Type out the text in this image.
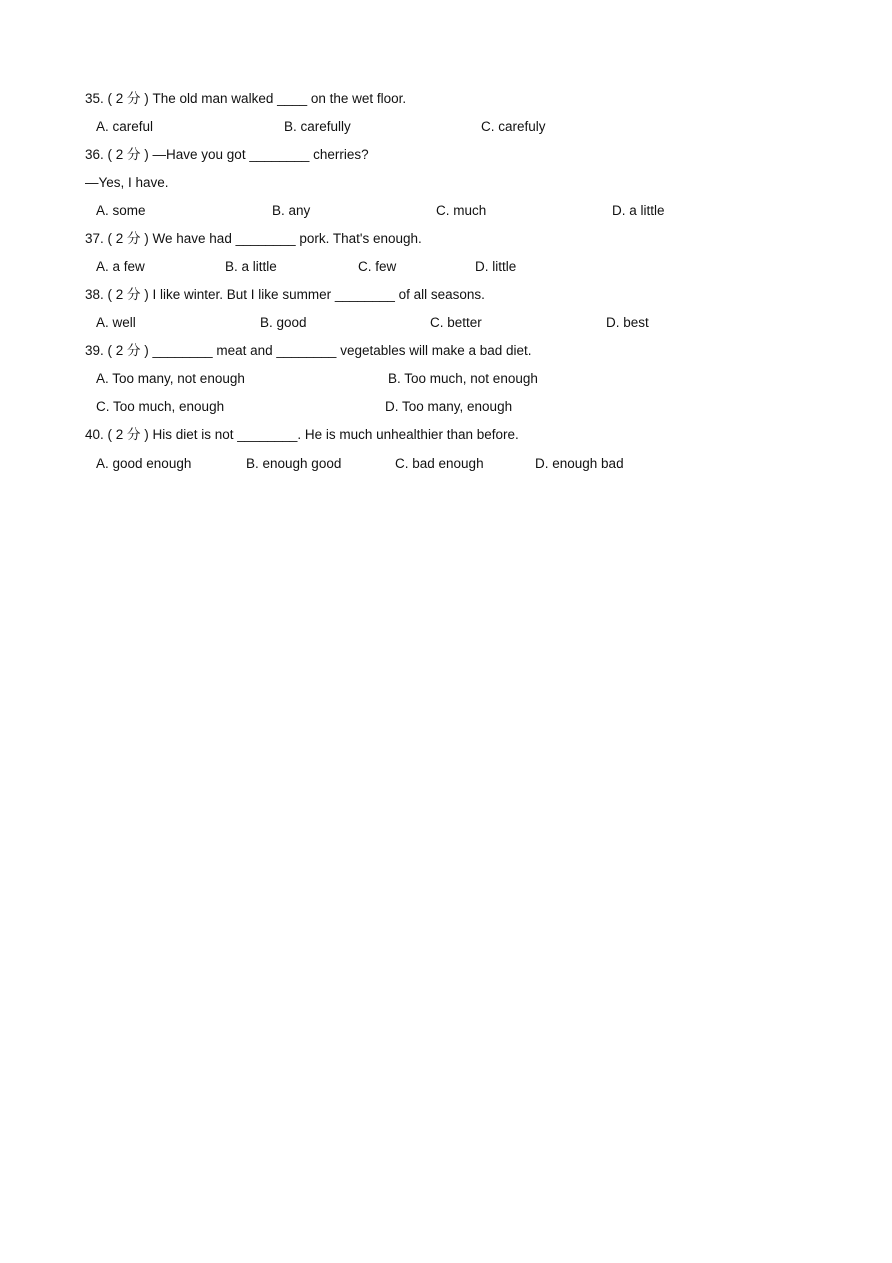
35. ( 2 分 ) The old man walked ____ on the wet floor.
A. careful	B. carefully	C. carefuly
36. ( 2 分 ) —Have you got ________ cherries?
—Yes, I have.
A. some	B. any	C. much	D. a little
37. ( 2 分 ) We have had ________ pork. That's enough.
A. a few	B. a little	C. few	D. little
38. ( 2 分 ) I like winter. But I like summer ________ of all seasons.
A. well	B. good	C. better	D. best
39. ( 2 分 ) ________ meat and ________ vegetables will make a bad diet.
A. Too many, not enough	B. Too much, not enough
C. Too much, enough	D. Too many, enough
40. ( 2 分 ) His diet is not ________. He is much unhealthier than before.
A. good enough	B. enough good	C. bad enough	D. enough bad
